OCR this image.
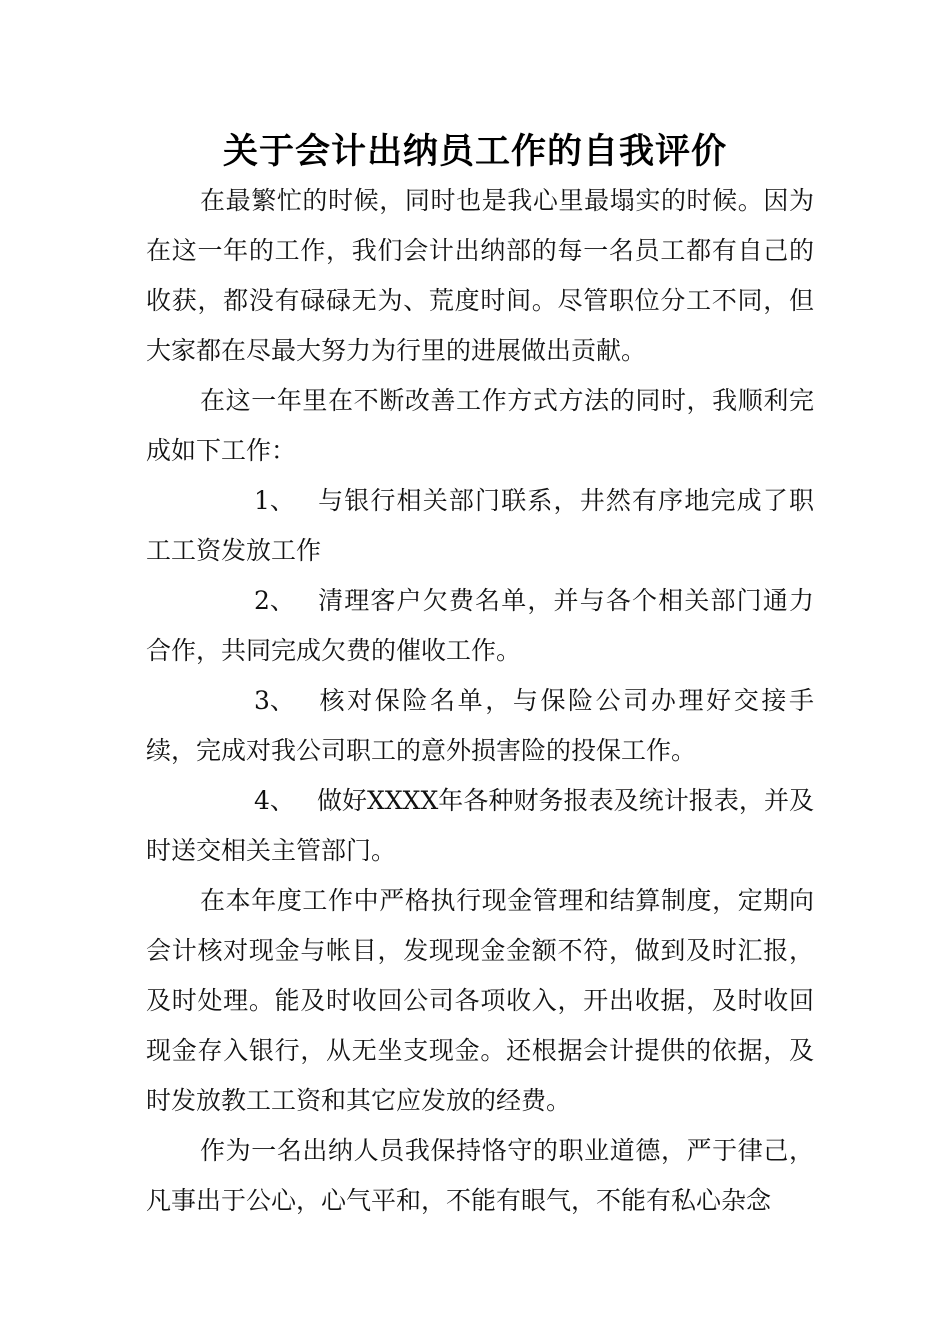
关于会计出纳员工作的自我评价

在最繁忙的时候，同时也是我心里最塌实的时候。因为在这一年的工作，我们会计出纳部的每一名员工都有自己的收获，都没有碌碌无为、荒度时间。尽管职位分工不同，但大家都在尽最大努力为行里的进展做出贡献。

在这一年里在不断改善工作方式方法的同时，我顺利完成如下工作：

1、 与银行相关部门联系，井然有序地完成了职工工资发放工作

2、 清理客户欠费名单，并与各个相关部门通力合作，共同完成欠费的催收工作。

3、 核对保险名单，与保险公司办理好交接手续，完成对我公司职工的意外损害险的投保工作。

4、 做好XXXX年各种财务报表及统计报表，并及时送交相关主管部门。

在本年度工作中严格执行现金管理和结算制度，定期向会计核对现金与帐目，发现现金金额不符，做到及时汇报，及时处理。能及时收回公司各项收入，开出收据，及时收回现金存入银行，从无坐支现金。还根据会计提供的依据，及时发放教工工资和其它应发放的经费。

作为一名出纳人员我保持恪守的职业道德，严于律己，凡事出于公心，心气平和，不能有眼气，不能有私心杂念
